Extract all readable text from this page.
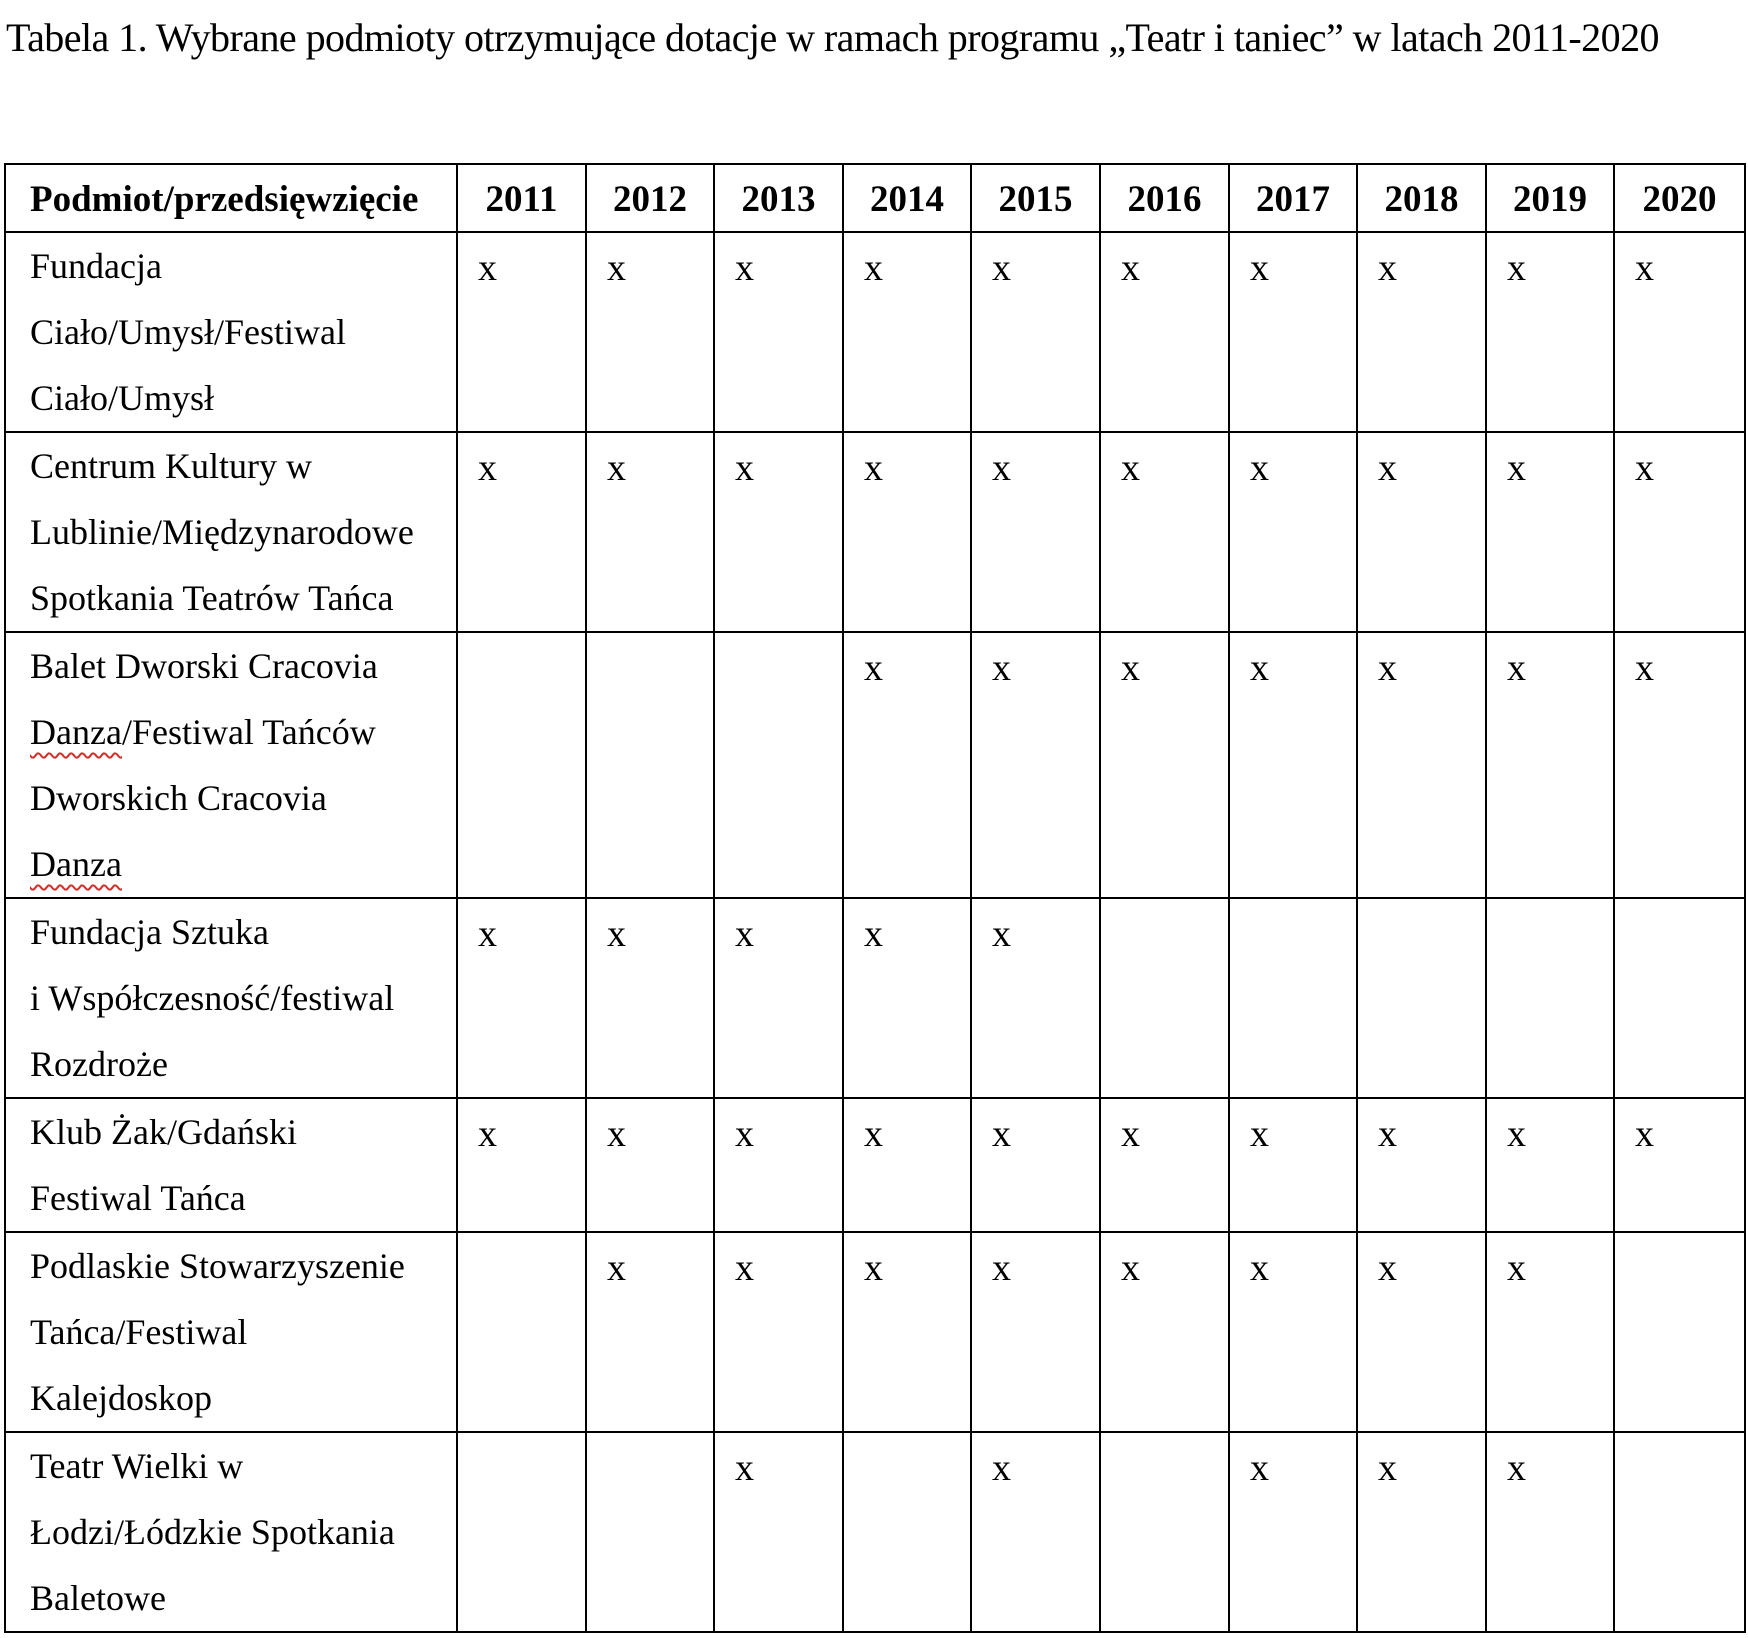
Tabela 1. Wybrane podmioty otrzymujące dotacje w ramach programu „Teatr i taniec” w latach 2011-2020
Podmiot/przedsięwzięcie	2011	2012	2013	2014	2015	2016	2017	2018	2019	2020

Fundacja
Ciało/Umysł/Festiwal
Ciało/Umysł	x	x	x	x	x	x	x	x	x	x

Centrum Kultury w
Lublinie/Międzynarodowe
Spotkania Teatrów Tańca	x	x	x	x	x	x	x	x	x	x

Balet Dworski Cracovia
Danza/Festiwal Tańców
Dworskich Cracovia
Danza				x	x	x	x	x	x	x

Fundacja Sztuka
i Współczesność/festiwal
Rozdroże	x	x	x	x	x					

Klub Żak/Gdański
Festiwal Tańca	x	x	x	x	x	x	x	x	x	x

Podlaskie Stowarzyszenie
Tańca/Festiwal
Kalejdoskop		x	x	x	x	x	x	x	x	

Teatr Wielki w
Łodzi/Łódzkie Spotkania
Baletowe			x		x		x	x	x	
